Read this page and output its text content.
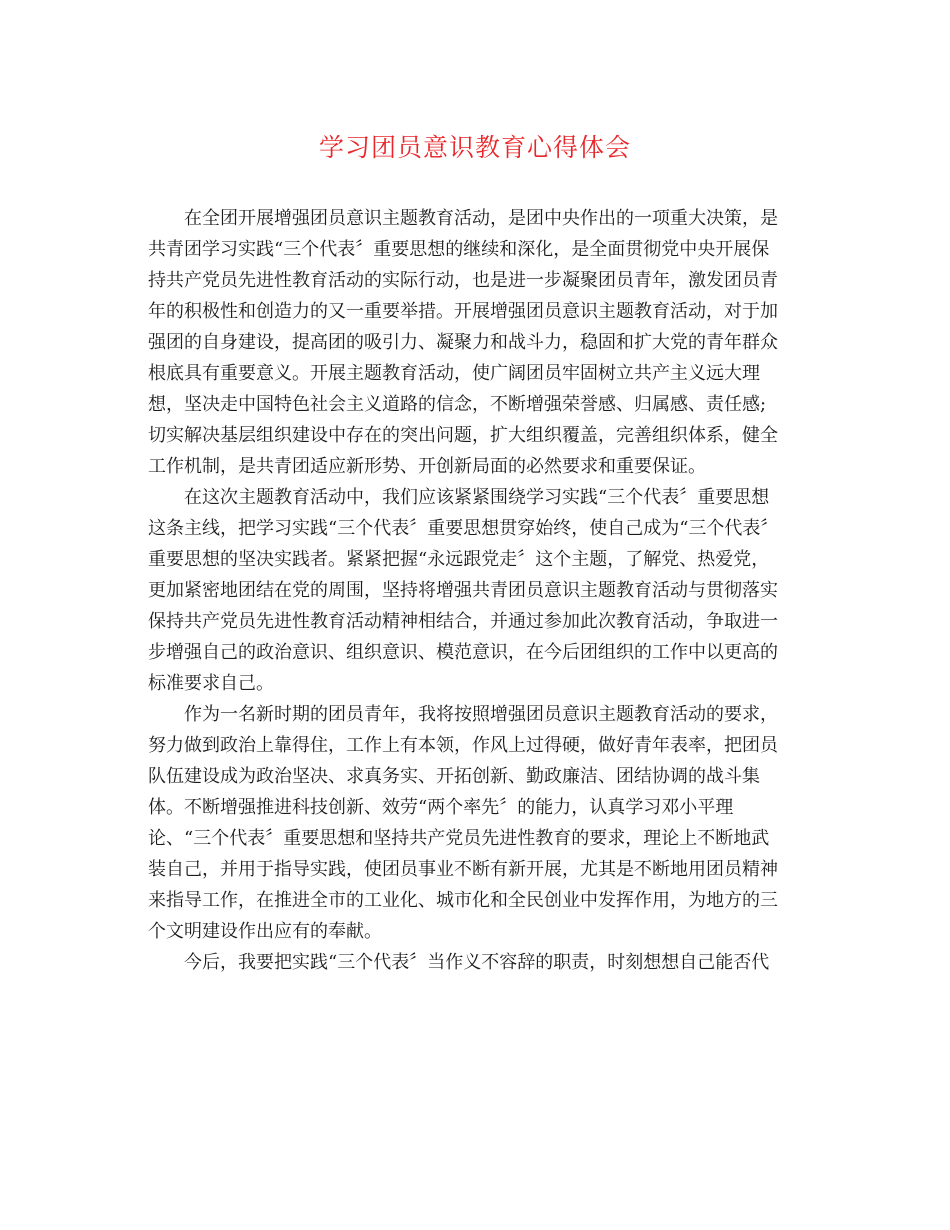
学习团员意识教育心得体会

在全团开展增强团员意识主题教育活动，是团中央作出的一项重大决策，是
共青团学习实践“三个代表〞重要思想的继续和深化，是全面贯彻党中央开展保
持共产党员先进性教育活动的实际行动，也是进一步凝聚团员青年，激发团员青
年的积极性和创造力的又一重要举措。开展增强团员意识主题教育活动，对于加
强团的自身建设，提高团的吸引力、凝聚力和战斗力，稳固和扩大党的青年群众
根底具有重要意义。开展主题教育活动，使广阔团员牢固树立共产主义远大理
想，坚决走中国特色社会主义道路的信念，不断增强荣誉感、归属感、责任感;
切实解决基层组织建设中存在的突出问题，扩大组织覆盖，完善组织体系，健全
工作机制，是共青团适应新形势、开创新局面的必然要求和重要保证。

在这次主题教育活动中，我们应该紧紧围绕学习实践“三个代表〞重要思想
这条主线，把学习实践“三个代表〞重要思想贯穿始终，使自己成为“三个代表〞
重要思想的坚决实践者。紧紧把握“永远跟党走〞这个主题，了解党、热爱党，
更加紧密地团结在党的周围，坚持将增强共青团员意识主题教育活动与贯彻落实
保持共产党员先进性教育活动精神相结合，并通过参加此次教育活动，争取进一
步增强自己的政治意识、组织意识、模范意识，在今后团组织的工作中以更高的
标准要求自己。

作为一名新时期的团员青年，我将按照增强团员意识主题教育活动的要求，
努力做到政治上靠得住，工作上有本领，作风上过得硬，做好青年表率，把团员
队伍建设成为政治坚决、求真务实、开拓创新、勤政廉洁、团结协调的战斗集
体。不断增强推进科技创新、效劳“两个率先〞的能力，认真学习邓小平理
论、“三个代表〞重要思想和坚持共产党员先进性教育的要求，理论上不断地武
装自己，并用于指导实践，使团员事业不断有新开展，尤其是不断地用团员精神
来指导工作，在推进全市的工业化、城市化和全民创业中发挥作用，为地方的三
个文明建设作出应有的奉献。

今后，我要把实践“三个代表〞当作义不容辞的职责，时刻想想自己能否代
